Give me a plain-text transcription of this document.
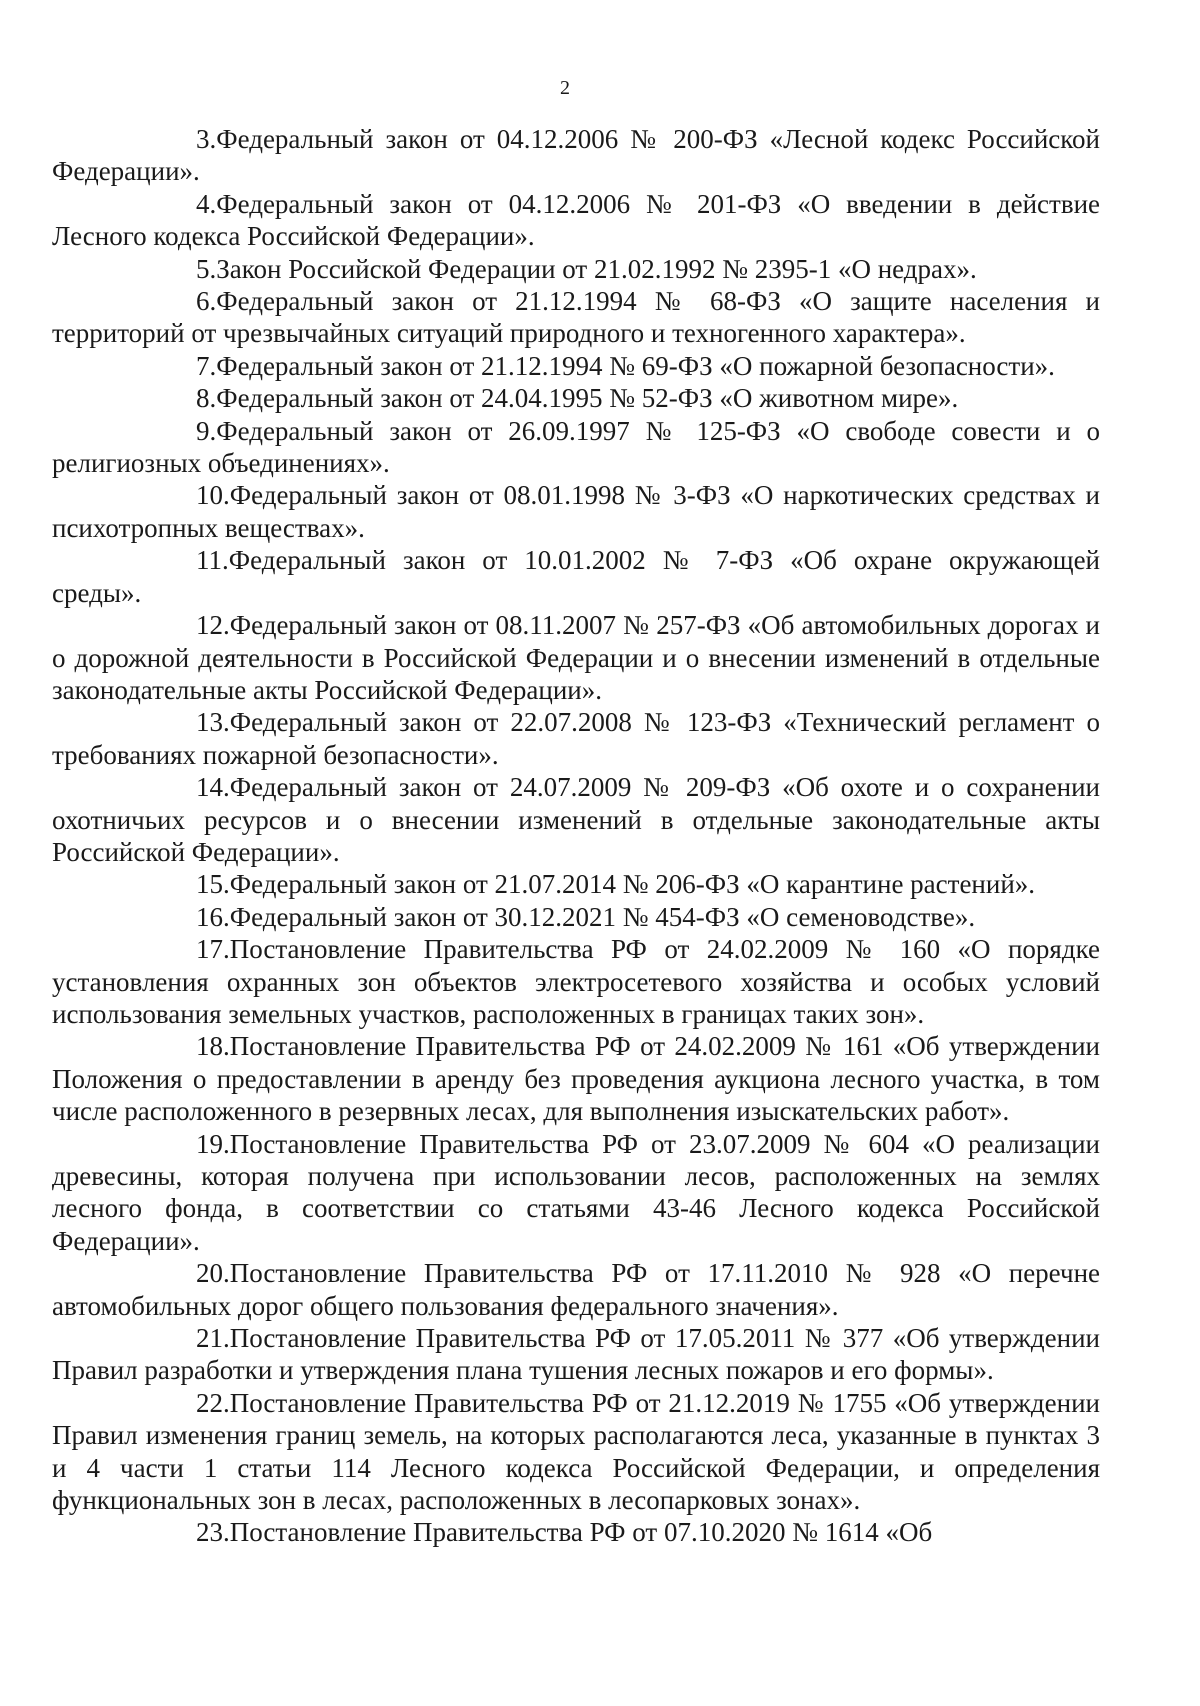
2

3.Федеральный закон от 04.12.2006 № 200-ФЗ «Лесной кодекс Российской Федерации».

4.Федеральный закон от 04.12.2006 № 201-ФЗ «О введении в действие Лесного кодекса Российской Федерации».

5.Закон Российской Федерации от 21.02.1992 № 2395-1 «О недрах».

6.Федеральный закон от 21.12.1994 № 68-ФЗ «О защите населения и территорий от чрезвычайных ситуаций природного и техногенного характера».

7.Федеральный закон от 21.12.1994 № 69-ФЗ «О пожарной безопасности».

8.Федеральный закон от 24.04.1995 № 52-ФЗ «О животном мире».

9.Федеральный закон от 26.09.1997 № 125-ФЗ «О свободе совести и о религиозных объединениях».

10.Федеральный закон от 08.01.1998 № 3-ФЗ «О наркотических средствах и психотропных веществах».

11.Федеральный закон от 10.01.2002 № 7-ФЗ «Об охране окружающей среды».

12.Федеральный закон от 08.11.2007 № 257-ФЗ «Об автомобильных дорогах и о дорожной деятельности в Российской Федерации и о внесении изменений в отдельные законодательные акты Российской Федерации».

13.Федеральный закон от 22.07.2008 № 123-ФЗ «Технический регламент о требованиях пожарной безопасности».

14.Федеральный закон от 24.07.2009 № 209-ФЗ «Об охоте и о сохранении охотничьих ресурсов и о внесении изменений в отдельные законодательные акты Российской Федерации».

15.Федеральный закон от 21.07.2014 № 206-ФЗ «О карантине растений».

16.Федеральный закон от 30.12.2021 № 454-ФЗ «О семеноводстве».

17.Постановление Правительства РФ от 24.02.2009 № 160 «О порядке установления охранных зон объектов электросетевого хозяйства и особых условий использования земельных участков, расположенных в границах таких зон».

18.Постановление Правительства РФ от 24.02.2009 № 161 «Об утверждении Положения о предоставлении в аренду без проведения аукциона лесного участка, в том числе расположенного в резервных лесах, для выполнения изыскательских работ».

19.Постановление Правительства РФ от 23.07.2009 № 604 «О реализации древесины, которая получена при использовании лесов, расположенных на землях лесного фонда, в соответствии со статьями 43-46 Лесного кодекса Российской Федерации».

20.Постановление Правительства РФ от 17.11.2010 № 928 «О перечне автомобильных дорог общего пользования федерального значения».

21.Постановление Правительства РФ от 17.05.2011 № 377 «Об утверждении Правил разработки и утверждения плана тушения лесных пожаров и его формы».

22.Постановление Правительства РФ от 21.12.2019 № 1755 «Об утверждении Правил изменения границ земель, на которых располагаются леса, указанные в пунктах 3 и 4 части 1 статьи 114 Лесного кодекса Российской Федерации, и определения функциональных зон в лесах, расположенных в лесопарковых зонах».

23.Постановление Правительства РФ от 07.10.2020 № 1614 «Об
